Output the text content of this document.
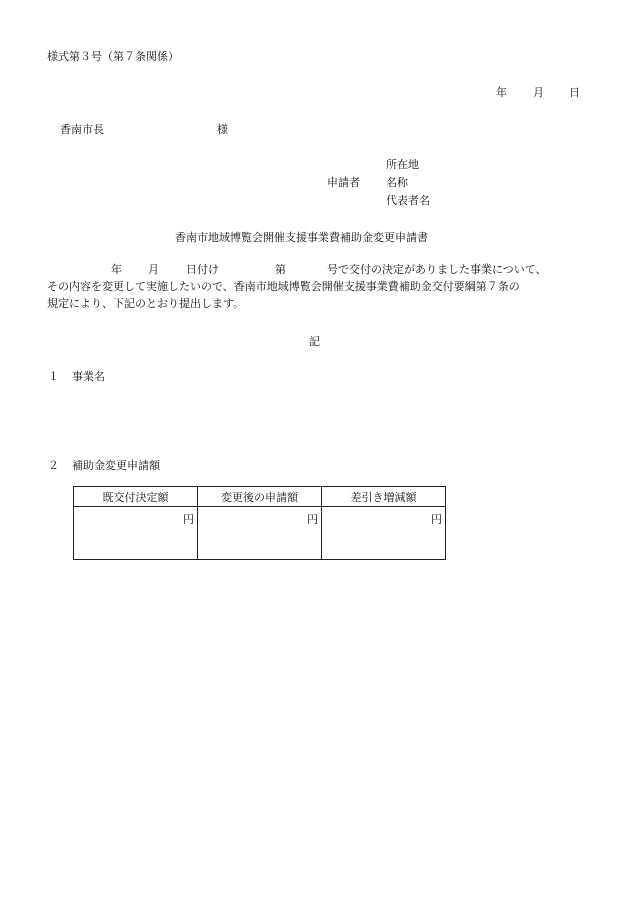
様式第３号（第７条関係）
年 月 日
香南市長	様
所在地
申請者 名称
代表者名
香南市地域博覧会開催支援事業費補助金変更申請書
年 月 日付け	第	号で交付の決定がありました事業について、
その内容を変更して実施したいので、香南市地域博覧会開催支援事業費補助金交付要綱第７条の
規定により、下記のとおり提出します。
記
１ 事業名
２ 補助金変更申請額
既交付決定額	変更後の申請額	差引き増減額
円	円	円
